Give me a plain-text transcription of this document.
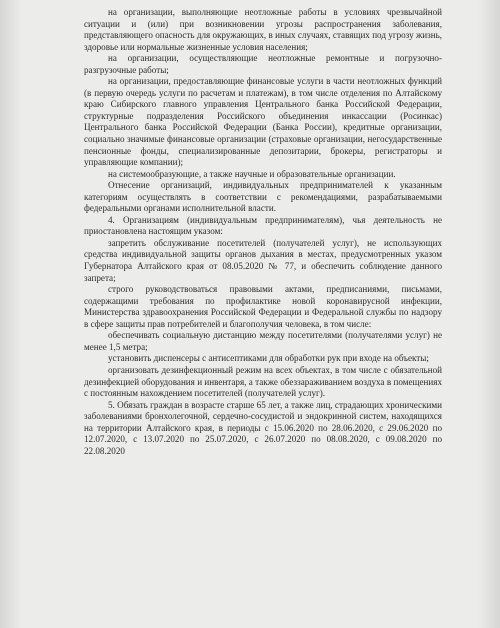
на организации, выполняющие неотложные работы в условиях чрезвычайной ситуации и (или) при возникновении угрозы распространения заболевания, представляющего опасность для окружающих, в иных случаях, ставящих под угрозу жизнь, здоровье или нормальные жизненные условия населения;

на организации, осуществляющие неотложные ремонтные и погрузочно-разгрузочные работы;

на организации, предоставляющие финансовые услуги в части неотложных функций (в первую очередь услуги по расчетам и платежам), в том числе отделения по Алтайскому краю Сибирского главного управления Центрального банка Российской Федерации, структурные подразделения Российского объединения инкассации (Росинкас) Центрального банка Российской Федерации (Банка России), кредитные организации, социально значимые финансовые организации (страховые организации, негосударственные пенсионные фонды, специализированные депозитарии, брокеры, регистраторы и управляющие компании);

на системообразующие, а также научные и образовательные организации.

Отнесение организаций, индивидуальных предпринимателей к указанным категориям осуществлять в соответствии с рекомендациями, разрабатываемыми федеральными органами исполнительной власти.

4. Организациям (индивидуальным предпринимателям), чья деятельность не приостановлена настоящим указом:

запретить обслуживание посетителей (получателей услуг), не использующих средства индивидуальной защиты органов дыхания в местах, предусмотренных указом Губернатора Алтайского края от 08.05.2020 № 77, и обеспечить соблюдение данного запрета;

строго руководствоваться правовыми актами, предписаниями, письмами, содержащими требования по профилактике новой коронавирусной инфекции, Министерства здравоохранения Российской Федерации и Федеральной службы по надзору в сфере защиты прав потребителей и благополучия человека, в том числе:

обеспечивать социальную дистанцию между посетителями (получателями услуг) не менее 1,5 метра;

установить диспенсеры с антисептиками для обработки рук при входе на объекты;

организовать дезинфекционный режим на всех объектах, в том числе с обязательной дезинфекцией оборудования и инвентаря, а также обеззараживанием воздуха в помещениях с постоянным нахождением посетителей (получателей услуг).

5. Обязать граждан в возрасте старше 65 лет, а также лиц, страдающих хроническими заболеваниями бронхолегочной, сердечно-сосудистой и эндокринной систем, находящихся на территории Алтайского края, в периоды с 15.06.2020 по 28.06.2020, с 29.06.2020 по 12.07.2020, с 13.07.2020 по 25.07.2020, с 26.07.2020 по 08.08.2020, с 09.08.2020 по 22.08.2020
